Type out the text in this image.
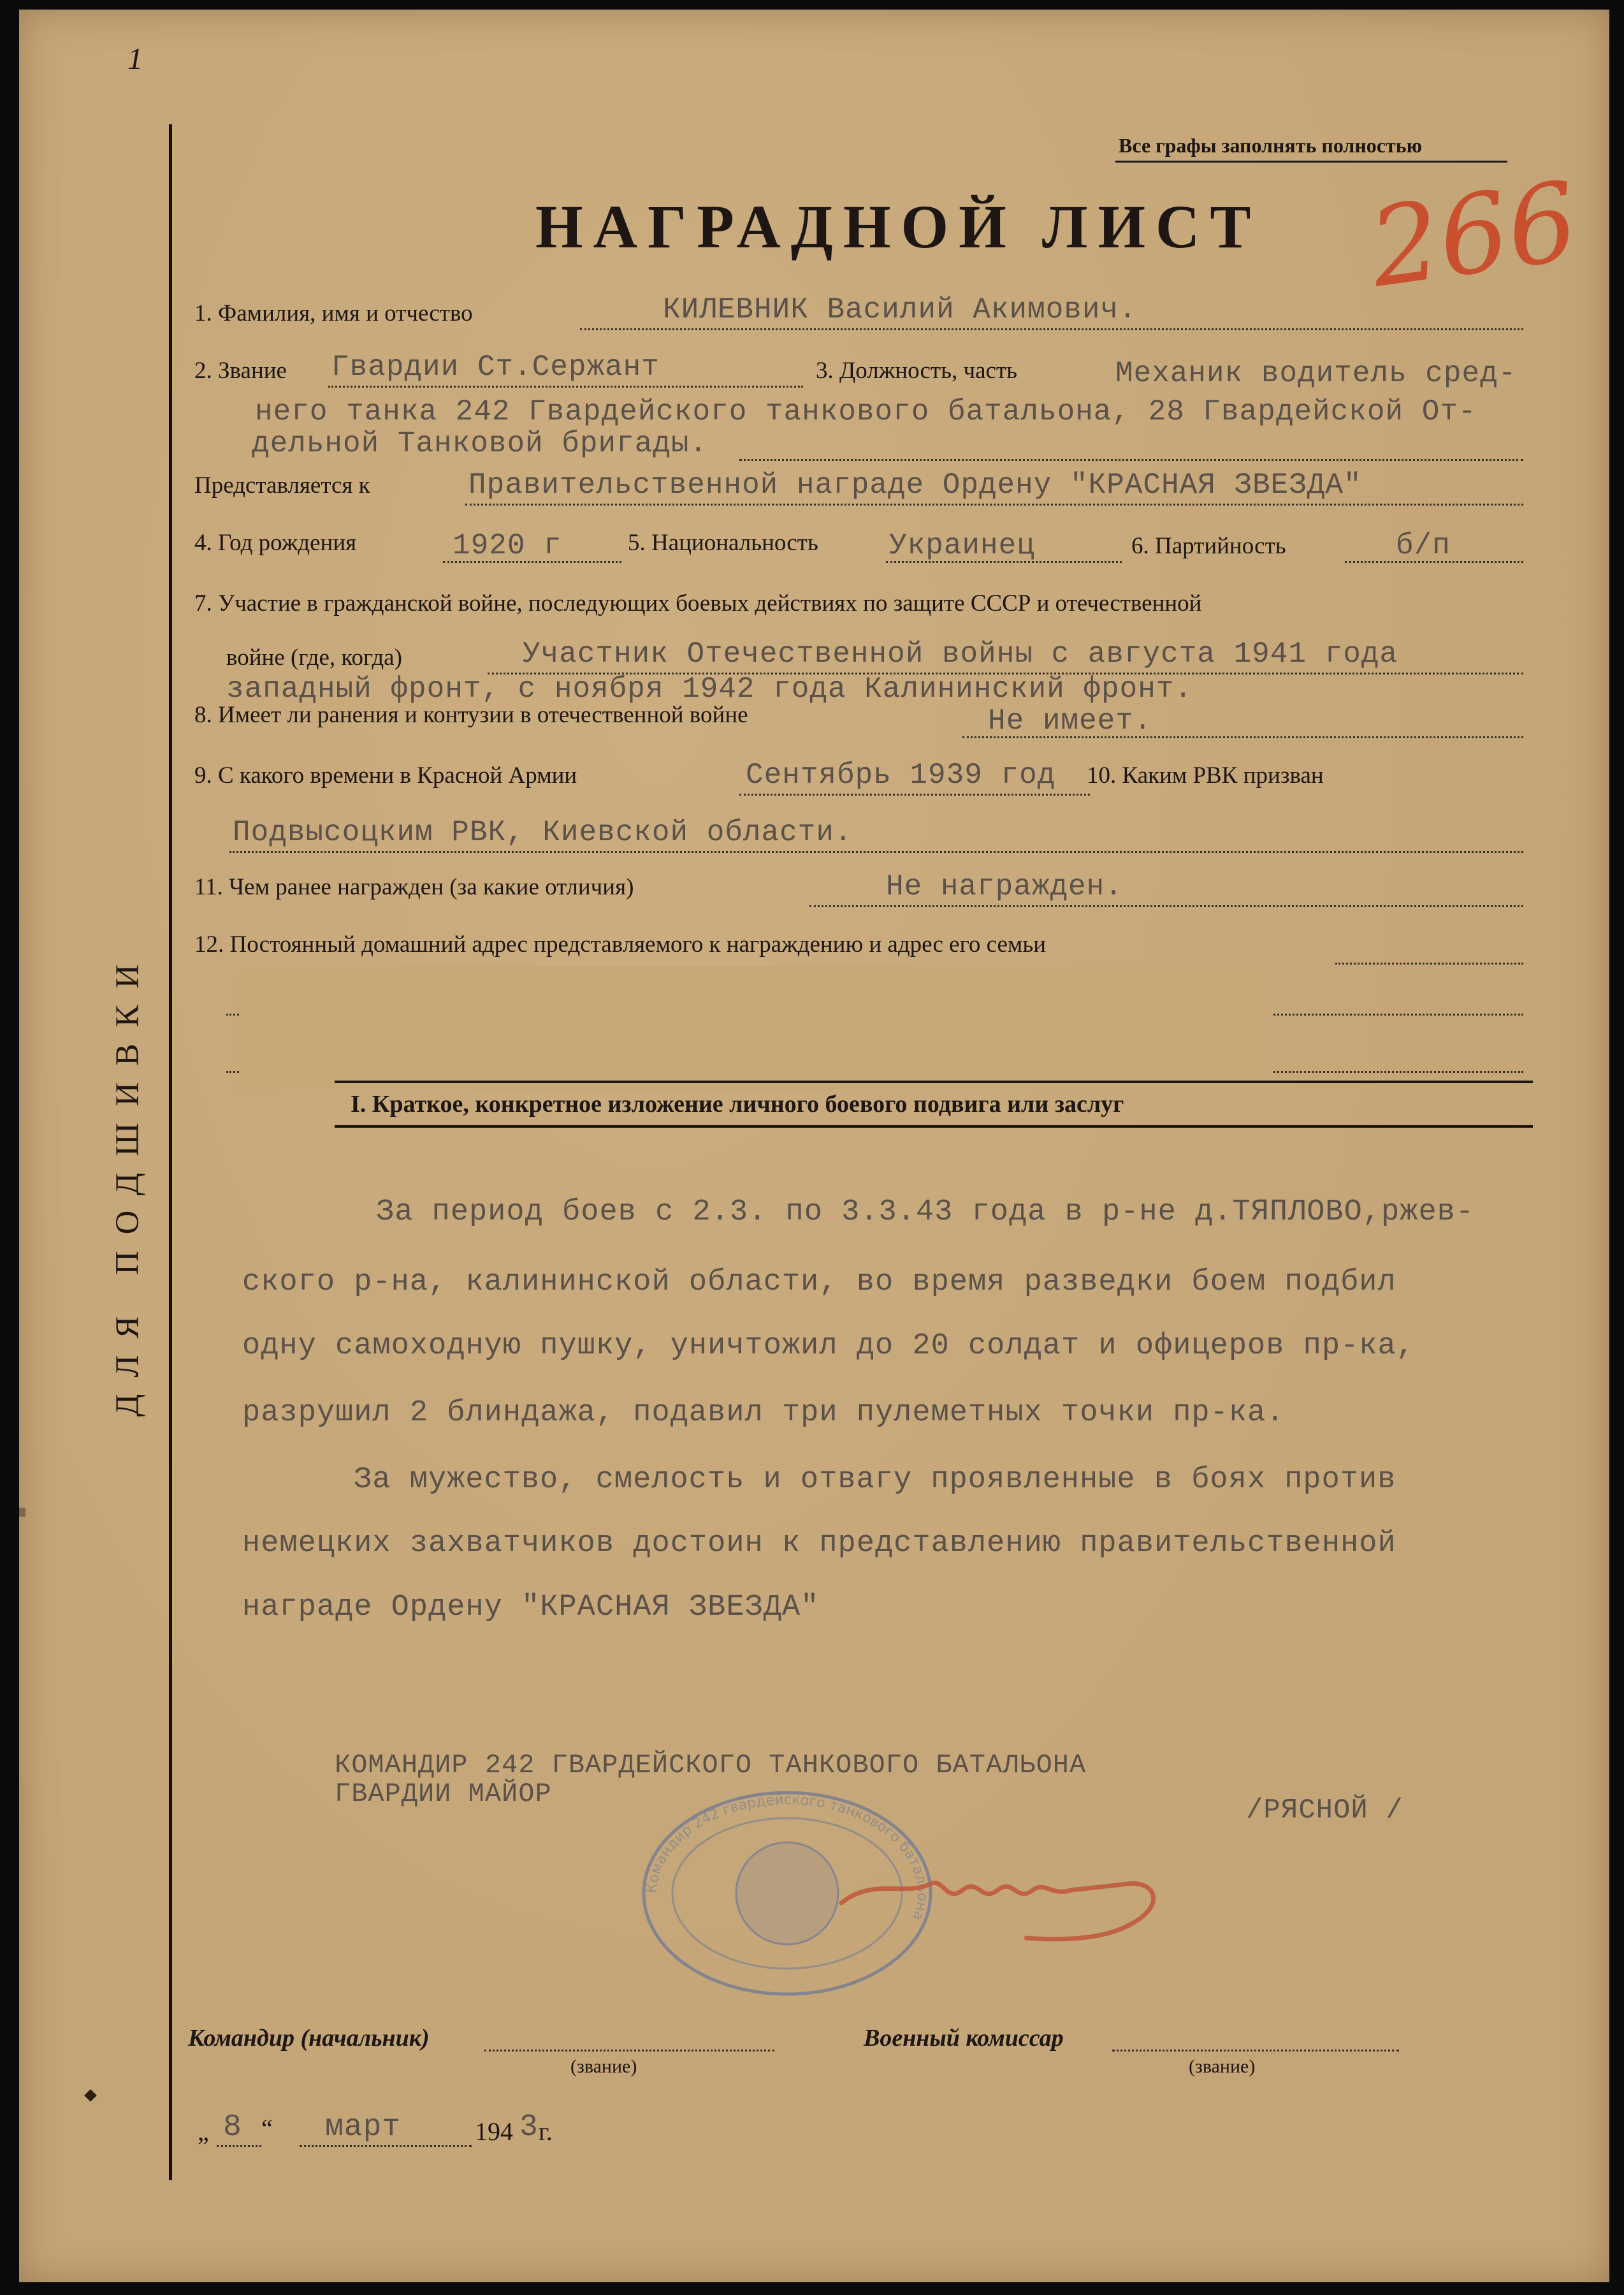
1
ДЛЯ ПОДШИВКИ
Все графы заполнять полностью
НАГРАДНОЙ ЛИСТ 266
1. Фамилия, имя и отчество	КИЛЕВНИК Василий Акимович.
2. Звание Гвардии Ст.Сержант	3. Должность, часть	Механик водитель сред-
него танка 242 Гвардейского танкового батальона, 28 Гвардейской От-
дельной Танковой бригады.
Представляется к	Правительственной награде Ордену "КРАСНАЯ ЗВЕЗДА"
4. Год рождения	1920 г	5. Национальность Украинец	6. Партийность	б/п
7. Участие в гражданской войне, последующих боевых действиях по защите СССР и отечественной
войне (где, когда)	Участник Отечественной войны с августа 1941 года
западный фронт, с ноября 1942 года Калининский фронт.
8. Имеет ли ранения и контузии в отечественной войне	Не имеет.
9. С какого времени в Красной Армии	Сентябрь 1939 год 10. Каким РВК призван
Подвысоцким РВК, Киевской области.
11. Чем ранее награжден (за какие отличия)	Не награжден.
12. Постоянный домашний адрес представляемого к награждению и адрес его семьи
I. Краткое, конкретное изложение личного боевого подвига или заслуг
За период боев с 2.3. по 3.3.43 года в р-не д.ТЯПЛОВО,ржев-
ского р-на, калининской области, во время разведки боем подбил
одну самоходную пушку, уничтожил до 20 солдат и офицеров пр-ка,
разрушил 2 блиндажа, подавил три пулеметных точки пр-ка.
За мужество, смелость и отвагу проявленные в боях против
немецких захватчиков достоин к представлению правительственной
награде Ордену "КРАСНАЯ ЗВЕЗДА"
КОМАНДИР 242 ГВАРДЕЙСКОГО ТАНКОВОГО БАТАЛЬОНА
ГВАРДИИ МАЙОР
/РЯСНОЙ /
Командир 242 гвардейского танкового батальона
Командир (начальник)
(звание)
Военный комиссар
(звание)
„ 8 “ март	194 3 г.
